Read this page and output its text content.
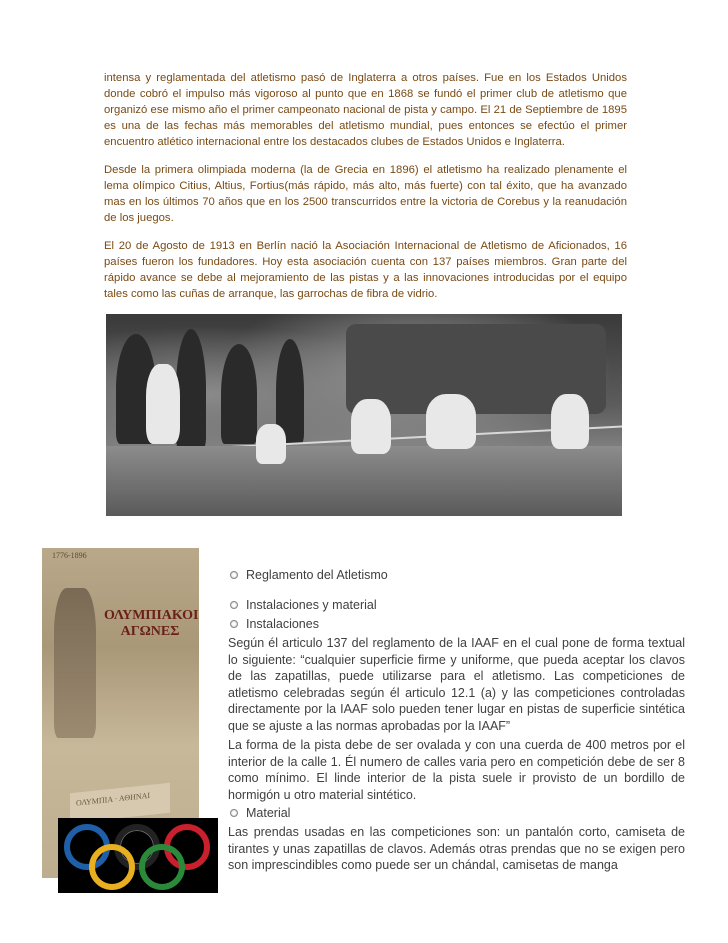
intensa y reglamentada del atletismo pasó de Inglaterra a otros países. Fue en los Estados Unidos donde cobró el impulso más vigoroso al punto que en 1868 se fundó el primer club de atletismo que organizó ese mismo año el primer campeonato nacional de pista y campo. El 21 de Septiembre de 1895 es una de las fechas más memorables del atletismo mundial, pues entonces se efectúo el primer encuentro atlético internacional entre los destacados clubes de Estados Unidos e Inglaterra.

Desde la primera olimpiada moderna (la de Grecia en 1896) el atletismo ha realizado plenamente el lema olímpico Citius, Altius, Fortius(más rápido, más alto, más fuerte) con tal éxito, que ha avanzado mas en los últimos 70 años que en los 2500 transcurridos entre la victoria de Corebus y la reanudación de los juegos.

El 20 de Agosto de 1913 en Berlín nació la Asociación Internacional de Atletismo de Aficionados, 16 países fueron los fundadores. Hoy esta asociación cuenta con 137 países miembros. Gran parte del rápido avance se debe al mejoramiento de las pistas y a las innovaciones introducidas por el equipo tales como las cuñas de arranque, las garrochas de fibra de vidrio.

1776-1896
ΟΛΥΜΠΙΑΚΟΙ
ΑΓΩΝΕΣ
ΟΛΥΜΠΙΑ · ΑΘΗΝΑΙ
Reglamento del Atletismo
Instalaciones y material
Instalaciones

Según él articulo 137 del reglamento de la IAAF en el cual pone de forma textual lo siguiente: “cualquier superficie firme y uniforme, que pueda aceptar los clavos de las zapatillas, puede utilizarse para el atletismo. Las competiciones de atletismo celebradas según él articulo 12.1 (a) y las competiciones controladas directamente por la IAAF solo pueden tener lugar en pistas de superficie sintética que se ajuste a las normas aprobadas por la IAAF”

La forma de la pista debe de ser ovalada y con una cuerda de 400 metros por el interior de la calle 1. Él numero de calles varia pero en competición debe de ser 8 como mínimo. El linde interior de la pista suele ir provisto de un bordillo de hormigón u otro material sintético.

Material

Las prendas usadas en las competiciones son: un pantalón corto, camiseta de tirantes y unas zapatillas de clavos. Además otras prendas que no se exigen pero son imprescindibles como puede ser un chándal, camisetas de manga
